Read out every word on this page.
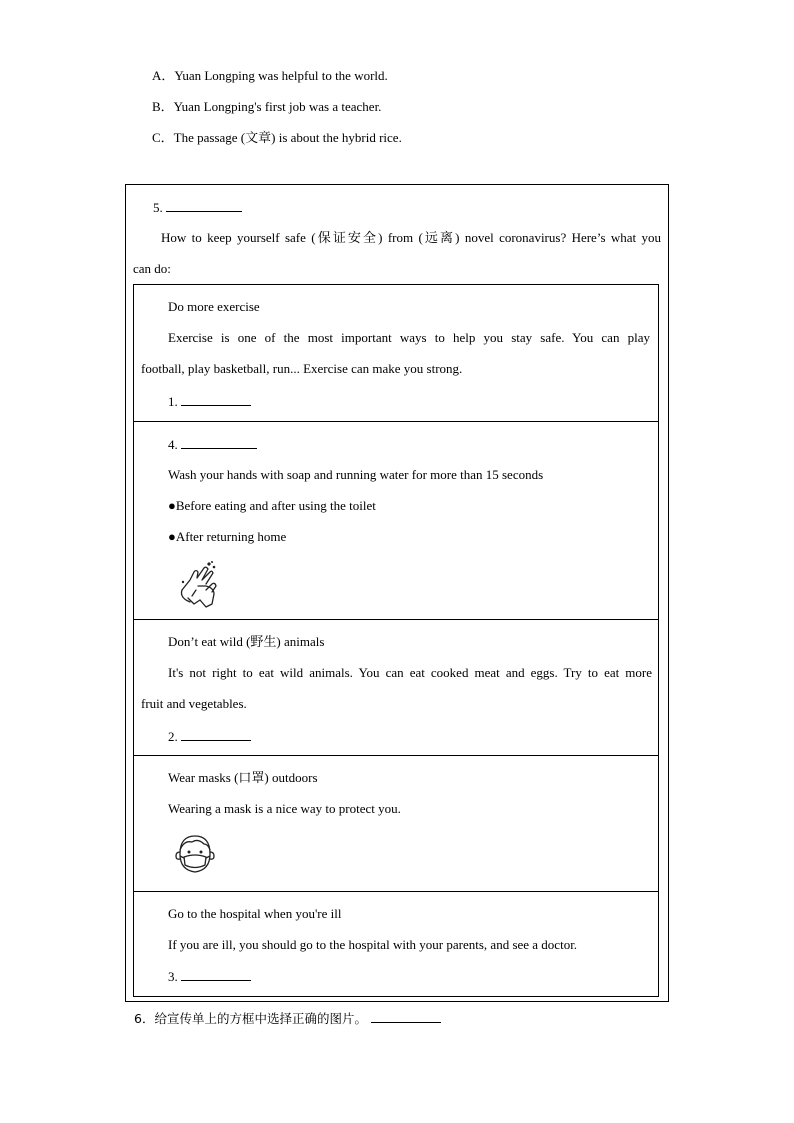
A．Yuan Longping was helpful to the world.
B．Yuan Longping's first job was a teacher.
C．The passage (文章) is about the hybrid rice.
5.
How to keep yourself safe (保证安全) from (远离) novel coronavirus? Here’s what you
can do:
Do more exercise
Exercise is one of the most important ways to help you stay safe. You can play
football, play basketball, run... Exercise can make you strong.
1.
4.
Wash your hands with soap and running water for more than 15 seconds
●Before eating and after using the toilet
●After returning home
Don’t eat wild (野生) animals
It's not right to eat wild animals. You can eat cooked meat and eggs. Try to eat more
fruit and vegetables.
2.
Wear masks (口罩) outdoors
Wearing a mask is a nice way to protect you.
Go to the hospital when you're ill
If you are ill, you should go to the hospital with your parents, and see a doctor.
3.
6．给宣传单上的方框中选择正确的图片。
